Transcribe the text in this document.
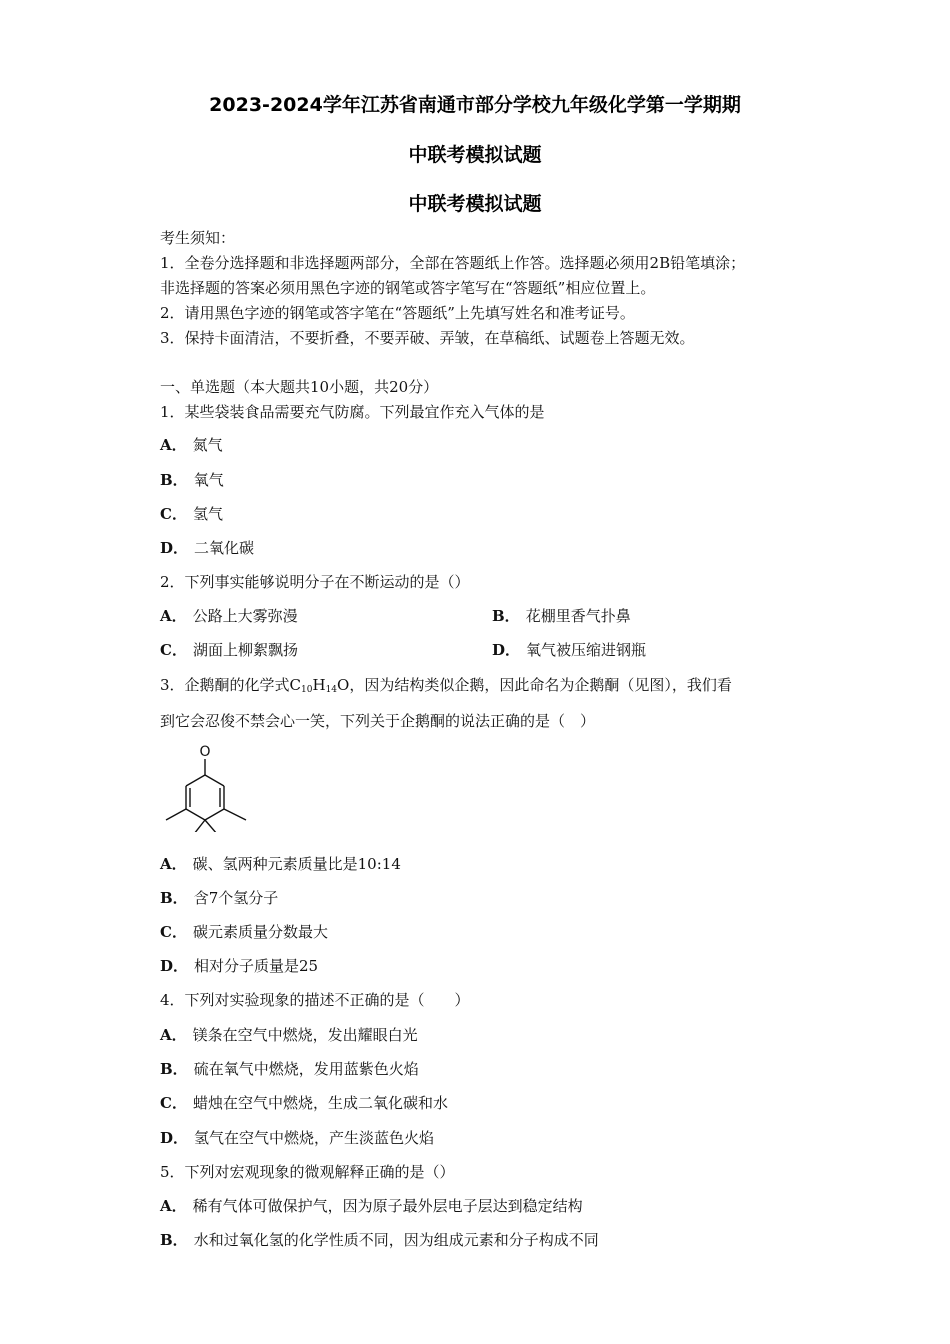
2023-2024学年江苏省南通市部分学校九年级化学第一学期期
中联考模拟试题
中联考模拟试题
考生须知：
1．全卷分选择题和非选择题两部分，全部在答题纸上作答。选择题必须用2B铅笔填涂；
非选择题的答案必须用黑色字迹的钢笔或答字笔写在“答题纸”相应位置上。
2．请用黑色字迹的钢笔或答字笔在“答题纸”上先填写姓名和准考证号。
3．保持卡面清洁，不要折叠，不要弄破、弄皱，在草稿纸、试题卷上答题无效。
一、单选题（本大题共10小题，共20分）
1．某些袋装食品需要充气防腐。下列最宜作充入气体的是
A． 氮气
B． 氧气
C． 氢气
D． 二氧化碳
2．下列事实能够说明分子在不断运动的是（）
A． 公路上大雾弥漫	B． 花棚里香气扑鼻
C． 湖面上柳絮飘扬	D． 氧气被压缩进钢瓶
3．企鹅酮的化学式$C_{10}H_{14}O$，因为结构类似企鹅，因此命名为企鹅酮（见图），我们看
到它会忍俊不禁会心一笑，下列关于企鹅酮的说法正确的是（　）
O
A． 碳、氢两种元素质量比是10:14
B． 含7个氢分子
C． 碳元素质量分数最大
D． 相对分子质量是25
4．下列对实验现象的描述不正确的是（　　）
A． 镁条在空气中燃烧，发出耀眼白光
B． 硫在氧气中燃烧，发用蓝紫色火焰
C． 蜡烛在空气中燃烧，生成二氧化碳和水
D． 氢气在空气中燃烧，产生淡蓝色火焰
5．下列对宏观现象的微观解释正确的是（）
A． 稀有气体可做保护气，因为原子最外层电子层达到稳定结构
B． 水和过氧化氢的化学性质不同，因为组成元素和分子构成不同
